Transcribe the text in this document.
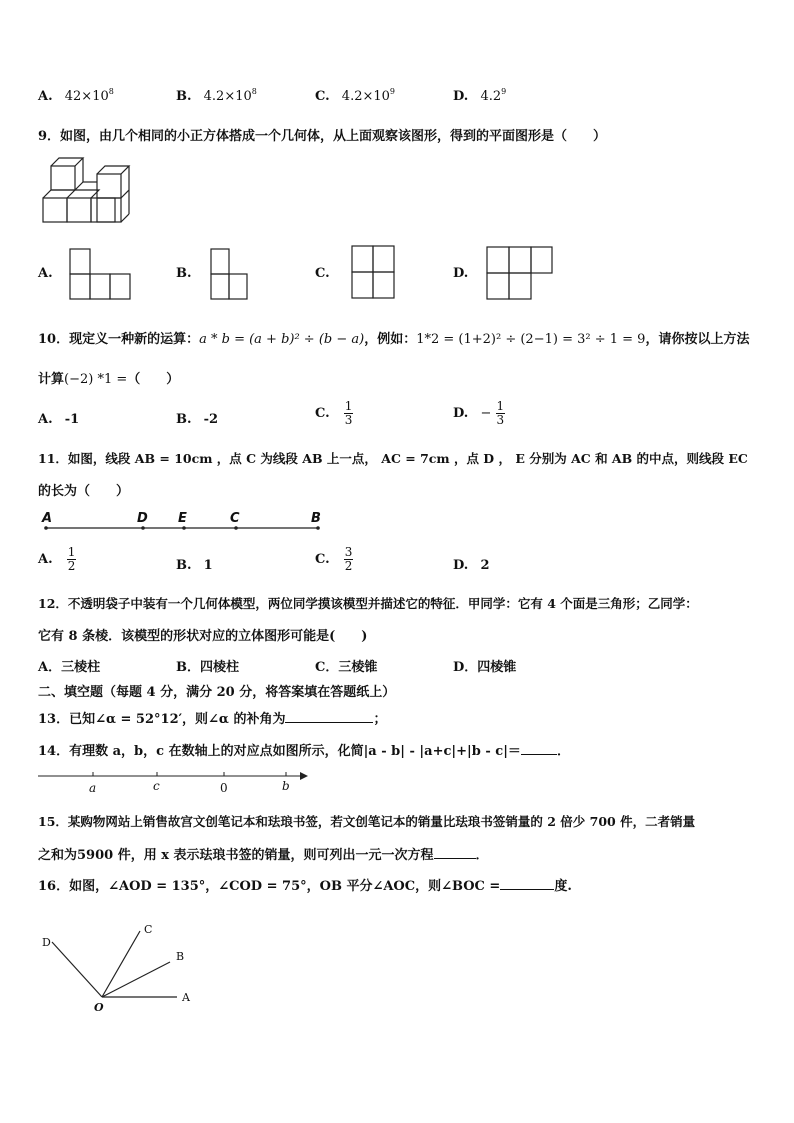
A. $42\times 10^8$	B. $4.2\times 10^8$	C. $4.2\times 10^9$	D. $4.2^9$
9．如图，由几个相同的小正方体搭成一个几何体，从上面观察该图形，得到的平面图形是（　　）
A.	B.	C.	D.
10．现定义一种新的运算：a * b = (a + b)² ÷ (b − a)，例如：1*2 = (1+2)² ÷ (2−1) = 3² ÷ 1 = 9，请你按以上方法
计算(−2) *1 =（　　）
A. -1	B. -2	C. $\frac{1}{3}$	D. − $\frac{1}{3}$
11．如图，线段 AB = 10cm ，点 C 为线段 AB 上一点， AC = 7cm ，点 D ， E 分别为 AC 和 AB 的中点，则线段 EC
的长为（　　）
A	D E	C	B
A. $\frac{1}{2}$	B. 1	C. $\frac{3}{2}$	D. 2
12．不透明袋子中装有一个几何体模型，两位同学摸该模型并描述它的特征．甲同学：它有 4 个面是三角形；乙同学：
它有 8 条棱．该模型的形状对应的立体图形可能是(　　)
A．三棱柱	B．四棱柱	C．三棱锥	D．四棱锥
二、填空题（每题 4 分，满分 20 分，将答案填在答题纸上）
13．已知∠α = 52°12′，则∠α 的补角为	；
14．有理数 a，b，c 在数轴上的对应点如图所示，化简|a - b| - |a+c|+|b - c|＝	．
a	c	0	b
15．某购物网站上销售故宫文创笔记本和珐琅书签，若文创笔记本的销量比珐琅书签销量的 2 倍少 700 件，二者销量
之和为5900 件，用 x 表示珐琅书签的销量，则可列出一元一次方程	．
16．如图，∠AOD = 135°，∠COD = 75°，OB 平分∠AOC，则∠BOC =	度.
D
C
B
A
O
